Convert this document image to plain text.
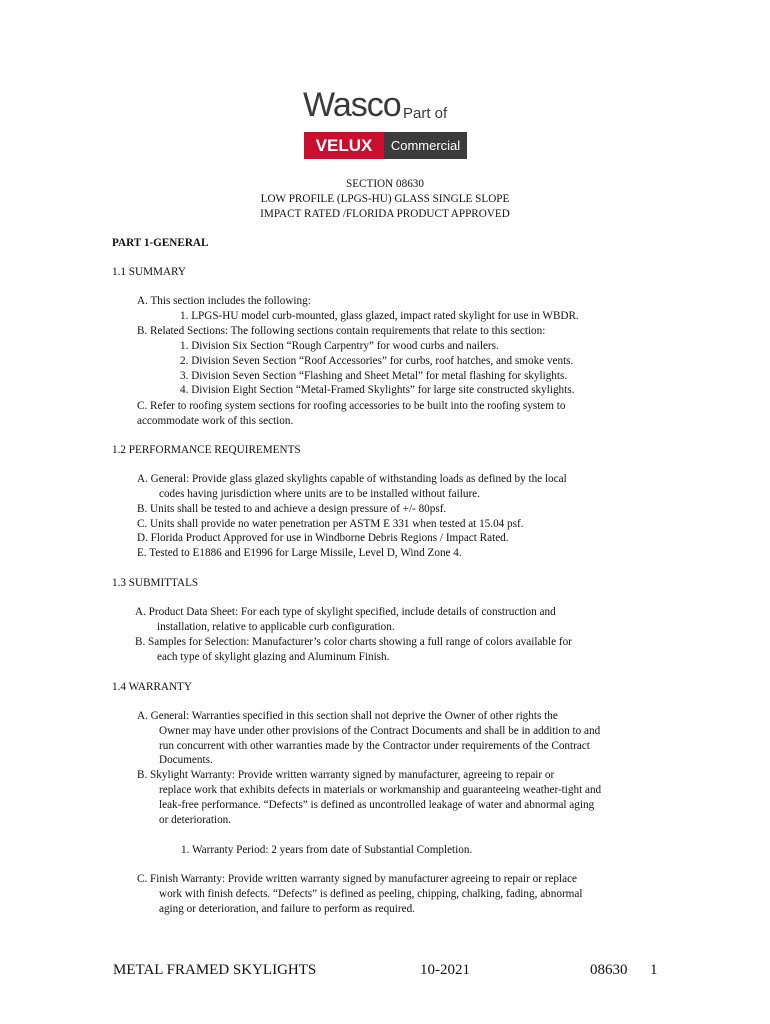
Wasco Part of
VELUX	Commercial
SECTION 08630
LOW PROFILE (LPGS-HU) GLASS SINGLE SLOPE
IMPACT RATED /FLORIDA PRODUCT APPROVED
PART 1-GENERAL
1.1 SUMMARY
A. This section includes the following:
1. LPGS-HU model curb-mounted, glass glazed, impact rated skylight for use in WBDR.
B. Related Sections: The following sections contain requirements that relate to this section:
1. Division Six Section “Rough Carpentry” for wood curbs and nailers.
2. Division Seven Section “Roof Accessories” for curbs, roof hatches, and smoke vents.
3. Division Seven Section “Flashing and Sheet Metal” for metal flashing for skylights.
4. Division Eight Section “Metal-Framed Skylights” for large site constructed skylights.
C. Refer to roofing system sections for roofing accessories to be built into the roofing system to
accommodate work of this section.
1.2 PERFORMANCE REQUIREMENTS
A. General: Provide glass glazed skylights capable of withstanding loads as defined by the local
codes having jurisdiction where units are to be installed without failure.
B. Units shall be tested to and achieve a design pressure of +/- 80psf.
C. Units shall provide no water penetration per ASTM E 331 when tested at 15.04 psf.
D. Florida Product Approved for use in Windborne Debris Regions / Impact Rated.
E. Tested to E1886 and E1996 for Large Missile, Level D, Wind Zone 4.
1.3 SUBMITTALS
A. Product Data Sheet: For each type of skylight specified, include details of construction and
installation, relative to applicable curb configuration.
B. Samples for Selection: Manufacturer’s color charts showing a full range of colors available for
each type of skylight glazing and Aluminum Finish.
1.4 WARRANTY
A. General: Warranties specified in this section shall not deprive the Owner of other rights the
Owner may have under other provisions of the Contract Documents and shall be in addition to and
run concurrent with other warranties made by the Contractor under requirements of the Contract
Documents.
B. Skylight Warranty: Provide written warranty signed by manufacturer, agreeing to repair or
replace work that exhibits defects in materials or workmanship and guaranteeing weather-tight and
leak-free performance. “Defects” is defined as uncontrolled leakage of water and abnormal aging
or deterioration.
1. Warranty Period: 2 years from date of Substantial Completion.
C. Finish Warranty: Provide written warranty signed by manufacturer agreeing to repair or replace
work with finish defects. “Defects” is defined as peeling, chipping, chalking, fading, abnormal
aging or deterioration, and failure to perform as required.
METAL FRAMED SKYLIGHTS	10-2021	08630 1
